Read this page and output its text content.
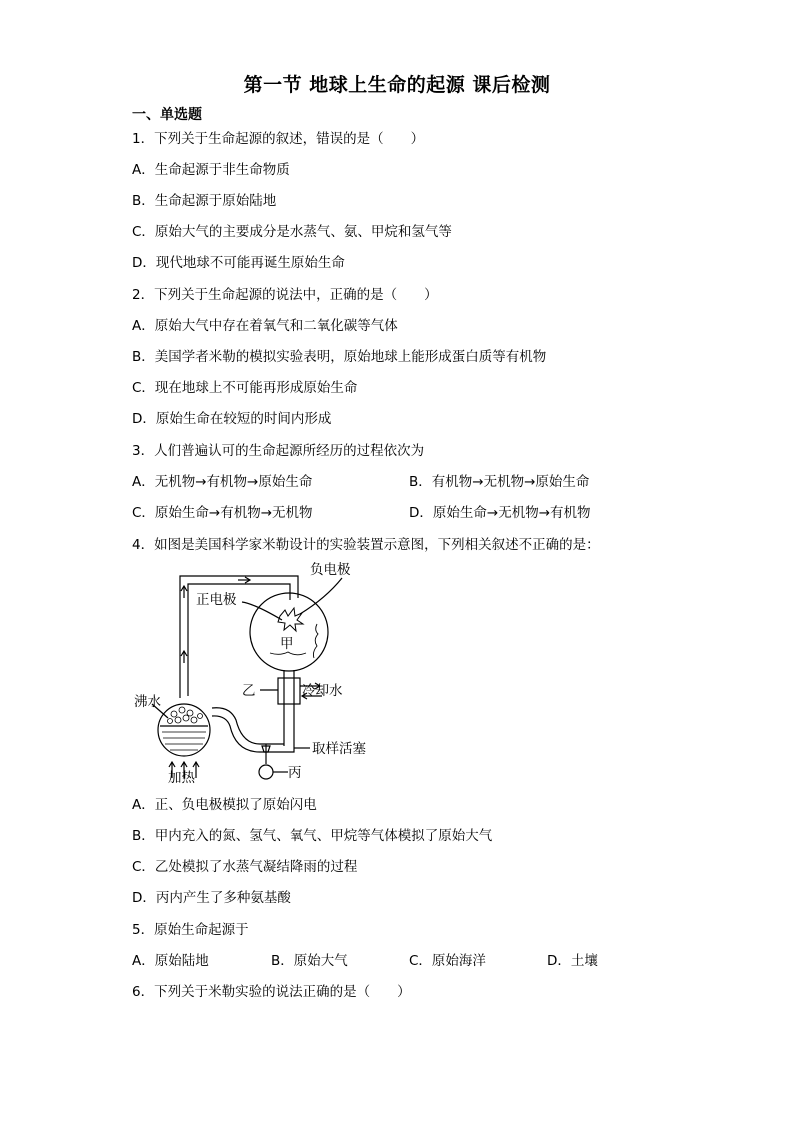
第一节 地球上生命的起源 课后检测
一、单选题
1．下列关于生命起源的叙述，错误的是（　　）
A．生命起源于非生命物质
B．生命起源于原始陆地
C．原始大气的主要成分是水蒸气、氨、甲烷和氢气等
D．现代地球不可能再诞生原始生命
2．下列关于生命起源的说法中，正确的是（　　）
A．原始大气中存在着氧气和二氧化碳等气体
B．美国学者米勒的模拟实验表明，原始地球上能形成蛋白质等有机物
C．现在地球上不可能再形成原始生命
D．原始生命在较短的时间内形成
3．人们普遍认可的生命起源所经历的过程依次为
A．无机物→有机物→原始生命	B．有机物→无机物→原始生命
C．原始生命→有机物→无机物	D．原始生命→无机物→有机物
4．如图是美国科学家米勒设计的实验装置示意图，下列相关叙述不正确的是：
负电极
正电极
甲
乙	冷却水
沸水
取样活塞
加热	丙
A．正、负电极模拟了原始闪电
B．甲内充入的氮、氢气、氧气、甲烷等气体模拟了原始大气
C．乙处模拟了水蒸气凝结降雨的过程
D．丙内产生了多种氨基酸
5．原始生命起源于
A．原始陆地	B．原始大气	C．原始海洋	D．土壤
6．下列关于米勒实验的说法正确的是（　　）
